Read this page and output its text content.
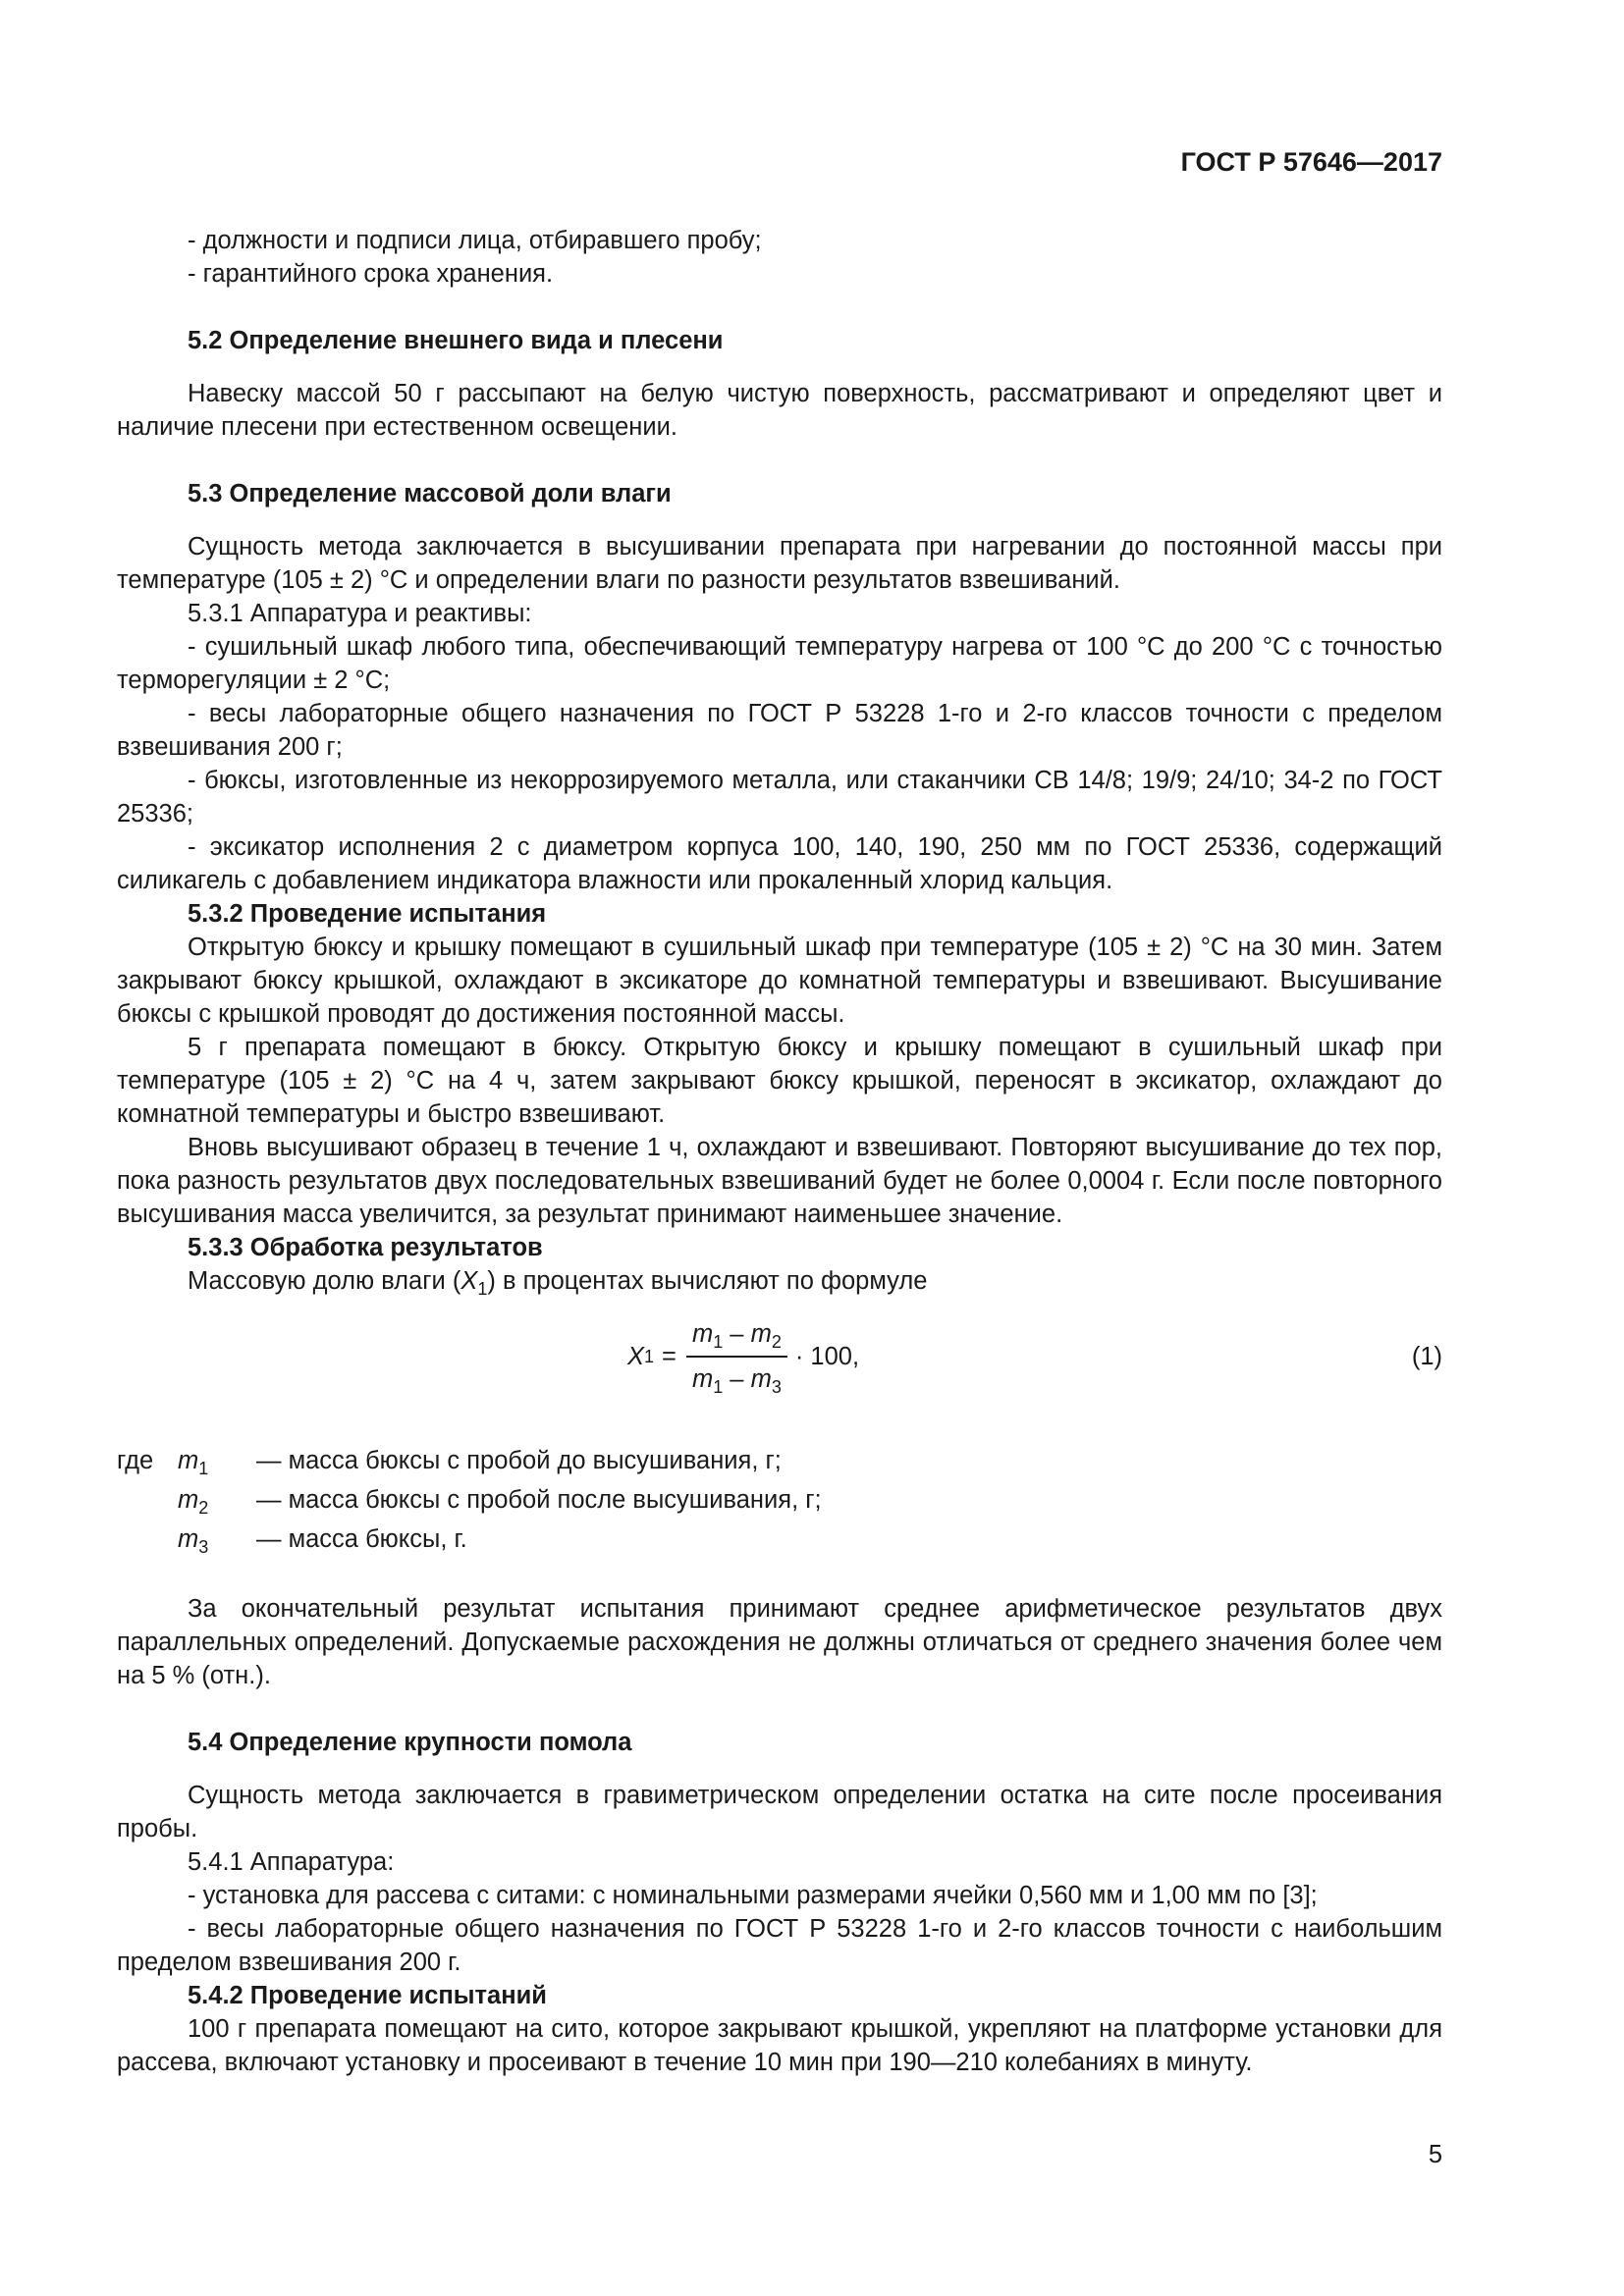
ГОСТ Р 57646—2017

- должности и подписи лица, отбиравшего пробу;

- гарантийного срока хранения.

5.2 Определение внешнего вида и плесени

Навеску массой 50 г рассыпают на белую чистую поверхность, рассматривают и определяют цвет и наличие плесени при естественном освещении.

5.3 Определение массовой доли влаги

Сущность метода заключается в высушивании препарата при нагревании до постоянной массы при температуре (105 ± 2) °С и определении влаги по разности результатов взвешиваний.

5.3.1 Аппаратура и реактивы:

- сушильный шкаф любого типа, обеспечивающий температуру нагрева от 100 °С до 200 °С с точностью терморегуляции ± 2 °С;

- весы лабораторные общего назначения по ГОСТ Р 53228 1-го и 2-го классов точности с пределом взвешивания 200 г;

- бюксы, изготовленные из некоррозируемого металла, или стаканчики СВ 14/8; 19/9; 24/10; 34-2 по ГОСТ 25336;

- эксикатор исполнения 2 с диаметром корпуса 100, 140, 190, 250 мм по ГОСТ 25336, содержащий силикагель с добавлением индикатора влажности или прокаленный хлорид кальция.

5.3.2 Проведение испытания

Открытую бюксу и крышку помещают в сушильный шкаф при температуре (105 ± 2) °С на 30 мин. Затем закрывают бюксу крышкой, охлаждают в эксикаторе до комнатной температуры и взвешивают. Высушивание бюксы с крышкой проводят до достижения постоянной массы.

5 г препарата помещают в бюксу. Открытую бюксу и крышку помещают в сушильный шкаф при температуре (105 ± 2) °С на 4 ч, затем закрывают бюксу крышкой, переносят в эксикатор, охлаждают до комнатной температуры и быстро взвешивают.

Вновь высушивают образец в течение 1 ч, охлаждают и взвешивают. Повторяют высушивание до тех пор, пока разность результатов двух последовательных взвешиваний будет не более 0,0004 г. Если после повторного высушивания масса увеличится, за результат принимают наименьшее значение.

5.3.3 Обработка результатов

Массовую долю влаги $(X_1)$ в процентах вычисляют по формуле

X $1 = \frac{m_1 - m_2}{m_1 - m_3} \cdot 100$,	(1)
где $m_1$	— масса бюксы с пробой до высушивания, г;
$m_2$	— масса бюксы с пробой после высушивания, г;
$m_3$	— масса бюксы, г.

За окончательный результат испытания принимают среднее арифметическое результатов двух параллельных определений. Допускаемые расхождения не должны отличаться от среднего значения более чем на 5 % (отн.).

5.4 Определение крупности помола

Сущность метода заключается в гравиметрическом определении остатка на сите после просеивания пробы.

5.4.1 Аппаратура:

- установка для рассева с ситами: с номинальными размерами ячейки 0,560 мм и 1,00 мм по [3];

- весы лабораторные общего назначения по ГОСТ Р 53228 1-го и 2-го классов точности с наибольшим пределом взвешивания 200 г.

5.4.2 Проведение испытаний

100 г препарата помещают на сито, которое закрывают крышкой, укрепляют на платформе установки для рассева, включают установку и просеивают в течение 10 мин при 190—210 колебаниях в минуту.

5
